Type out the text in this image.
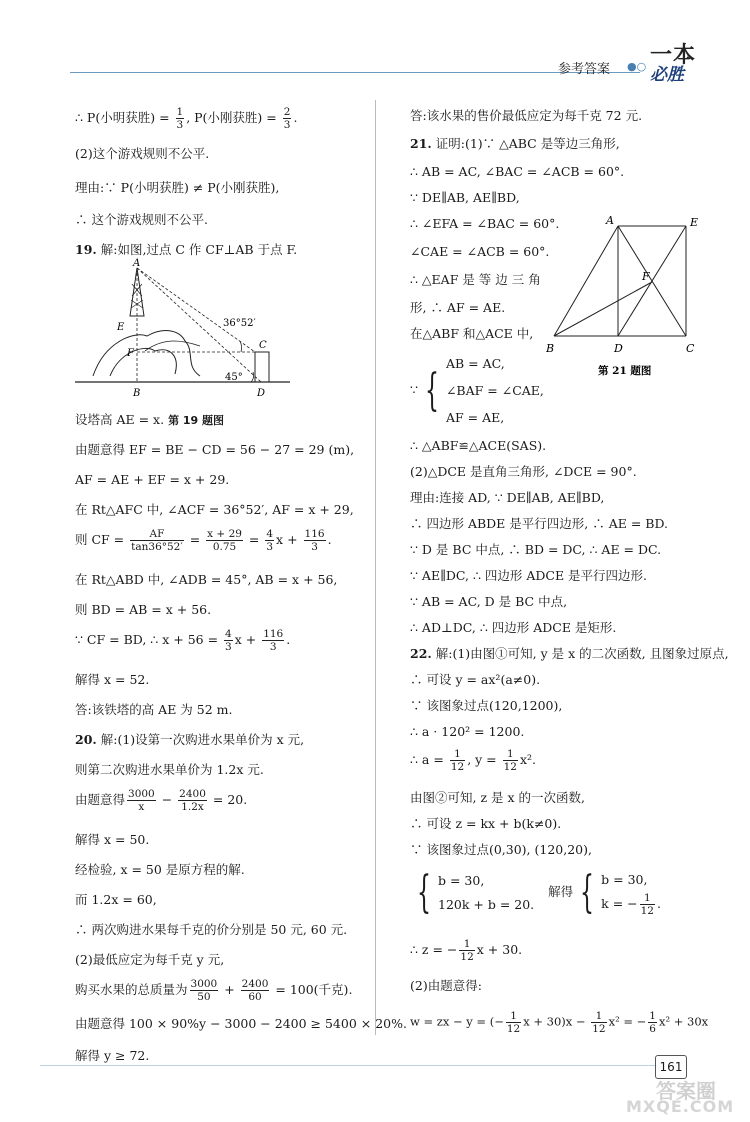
参考答案 ●○ 一本
必胜
∴ P(小明获胜) = $\frac{1}{3}$ , P(小刚获胜) = $\frac{2}{3}$ .
(2)这个游戏规则不公平.
理由:∵ P(小明获胜) ≠ P(小刚获胜),
∴ 这个游戏规则不公平.
19. 解:如图,过点 C 作 CF⊥AB 于点 F.
A
E
F
B	D
C
36°52′
45°
设塔高 AE = x. 第 19 题图
由题意得 EF = BE − CD = 56 − 27 = 29 (m),
AF = AE + EF = x + 29.
在 Rt△AFC 中, ∠ACF = 36°52′, AF = x + 29,
则 CF = $\frac{AF}{\tan 36^\circ 52'} = \frac{x + 29}{0.75} = \frac{4}{3}$ $x + \frac{116}{3}$ .
在 Rt△ABD 中, ∠ADB = 45°, AB = x + 56,
则 BD = AB = x + 56.
∵ CF = BD, ∴ $x + 56 = \frac{4}{3}$ $x + \frac{116}{3}$ .
解得 x = 52.
答:该铁塔的高 AE 为 52 m.
20. 解:(1)设第一次购进水果单价为 x 元,
则第二次购进水果单价为 1.2x 元.
由题意得 $\frac{3000}{x} - \frac{2400}{1.2x} = 20$.
解得 x = 50.
经检验, x = 50 是原方程的解.
而 1.2x = 60,
∴ 两次购进水果每千克的价分别是 50 元, 60 元.
(2)最低应定为每千克 y 元,
购买水果的总质量为 $\frac{3000}{50} + \frac{2400}{60} = 100$(千克).
由题意得 100 × 90%y − 3000 − 2400 ≥ 5400 × 20%.
解得 y ≥ 72.
答:该水果的售价最低应定为每千克 72 元.
21. 证明:(1)∵ △ABC 是等边三角形,
∴ AB = AC, ∠BAC = ∠ACB = 60°.
∵ DE∥AB, AE∥BD,
∴ ∠EFA = ∠BAC = 60°.
∠CAE = ∠ACB = 60°.
∴ △EAF 是 等 边 三 角
形, ∴ AF = AE.
在△ABF 和△ACE 中,
A	E
F
B	D	C
第 21 题图
∵ {
AB = AC,
∠BAF = ∠CAE,
AF = AE,
∴ △ABF≌△ACE(SAS).
(2)△DCE 是直角三角形, ∠DCE = 90°.
理由:连接 AD, ∵ DE∥AB, AE∥BD,
∴ 四边形 ABDE 是平行四边形, ∴ AE = BD.
∵ D 是 BC 中点, ∴ BD = DC, ∴ AE = DC.
∵ AE∥DC, ∴ 四边形 ADCE 是平行四边形.
∵ AB = AC, D 是 BC 中点,
∴ AD⊥DC, ∴ 四边形 ADCE 是矩形.
22. 解:(1)由图①可知, y 是 x 的二次函数, 且图象过原点,
∴ 可设 y = ax²(a≠0).
∵ 该图象过点(120,1200),
∴ a · 120² = 1200.
∴ $a = \frac{1}{12}$ , $y = \frac{1}{12} x^2$.
由图②可知, z 是 x 的一次函数,
∴ 可设 z = kx + b(k≠0).
∵ 该图象过点(0,30), (120,20),
{ b = 30,
120k + b = 20.
解得 { b = 30,
k = − $\frac{1}{12}$ .
∴ z = − $\frac{1}{12}$ x + 30.
(2)由题意得:
w = zx − y = (− $\frac{1}{12}$ $x + 30)x - \frac{1}{12} x^2$ = − $\frac{1}{6} x^2 + 30x$
161
答案圈
MXQE.COM
